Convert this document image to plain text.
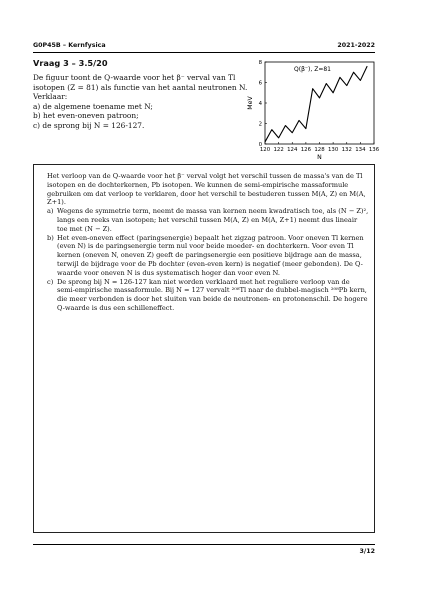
G0P45B – Kernfysica	2021-2022
Vraag 3 – 3.5/20
De figuur toont de Q-waarde voor het β⁻ verval van Tl isotopen (Z = 81) als functie van het aantal neutronen N. Verklaar:
a) de algemene toename met N;
b) het even-oneven patroon;
c) de sprong bij N = 126-127.
120 122 124 126 128 130 132 134 136
0
2
4
6
8
N
MeV
Q(β⁻), Z=81

Het verloop van de Q-waarde voor het β⁻ verval volgt het verschil tussen de massa's van de Tl isotopen en de dochterkernen, Pb isotopen. We kunnen de semi-empirische massaformule gebruiken om dat verloop te verklaren, door het verschil te bestuderen tussen M(A, Z) en M(A, Z+1).

a) Wegens de symmetrie term, neemt de massa van kernen neem kwadratisch toe, als (N − Z)², langs een reeks van isotopen; het verschil tussen M(A, Z) en M(A, Z+1) neemt dus lineair toe met (N − Z).
b) Het even-oneven effect (paringsenergie) bepaalt het zigzag patroon. Voor oneven Tl kernen (even N) is de paringsenergie term nul voor beide moeder- en dochterkern. Voor even Tl kernen (oneven N, oneven Z) geeft de paringsenergie een positieve bijdrage aan de massa, terwijl de bijdrage voor de Pb dochter (even-even kern) is negatief (meer gebonden). De Q-waarde voor oneven N is dus systematisch hoger dan voor even N.
c) De sprong bij N = 126-127 kan niet worden verklaard met het reguliere verloop van de semi-empirische massaformule. Bij N = 127 vervalt ²⁰⁸Tl naar de dubbel-magisch ²⁰⁸Pb kern, die meer verbonden is door het sluiten van beide de neutronen- en protonenschil. De hogere Q-waarde is dus een schilleneffect.
3/12
